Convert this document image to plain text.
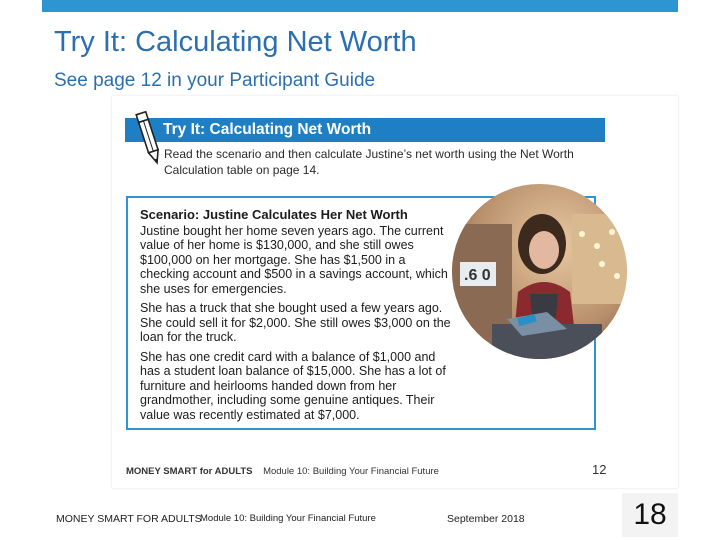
Try It: Calculating Net Worth
See page 12 in your Participant Guide
Try It: Calculating Net Worth
Read the scenario and then calculate Justine’s net worth using the Net Worth Calculation table on page 14.
Scenario: Justine Calculates Her Net Worth

Justine bought her home seven years ago. The current value of her home is $130,000, and she still owes $100,000 on her mortgage. She has $1,500 in a checking account and $500 in a savings account, which she uses for emergencies.

She has a truck that she bought used a few years ago. She could sell it for $2,000. She still owes $3,000 on the loan for the truck.

She has one credit card with a balance of $1,000 and has a student loan balance of $15,000. She has a lot of furniture and heirlooms handed down from her grandmother, including some genuine antiques. Their value was recently estimated at $7,000.

.6 0
MONEY SMART for ADULTS Module 10: Building Your Financial Future	12
MONEY SMART FOR ADULTS
Module 10: Building Your Financial Future	September 2018	18
